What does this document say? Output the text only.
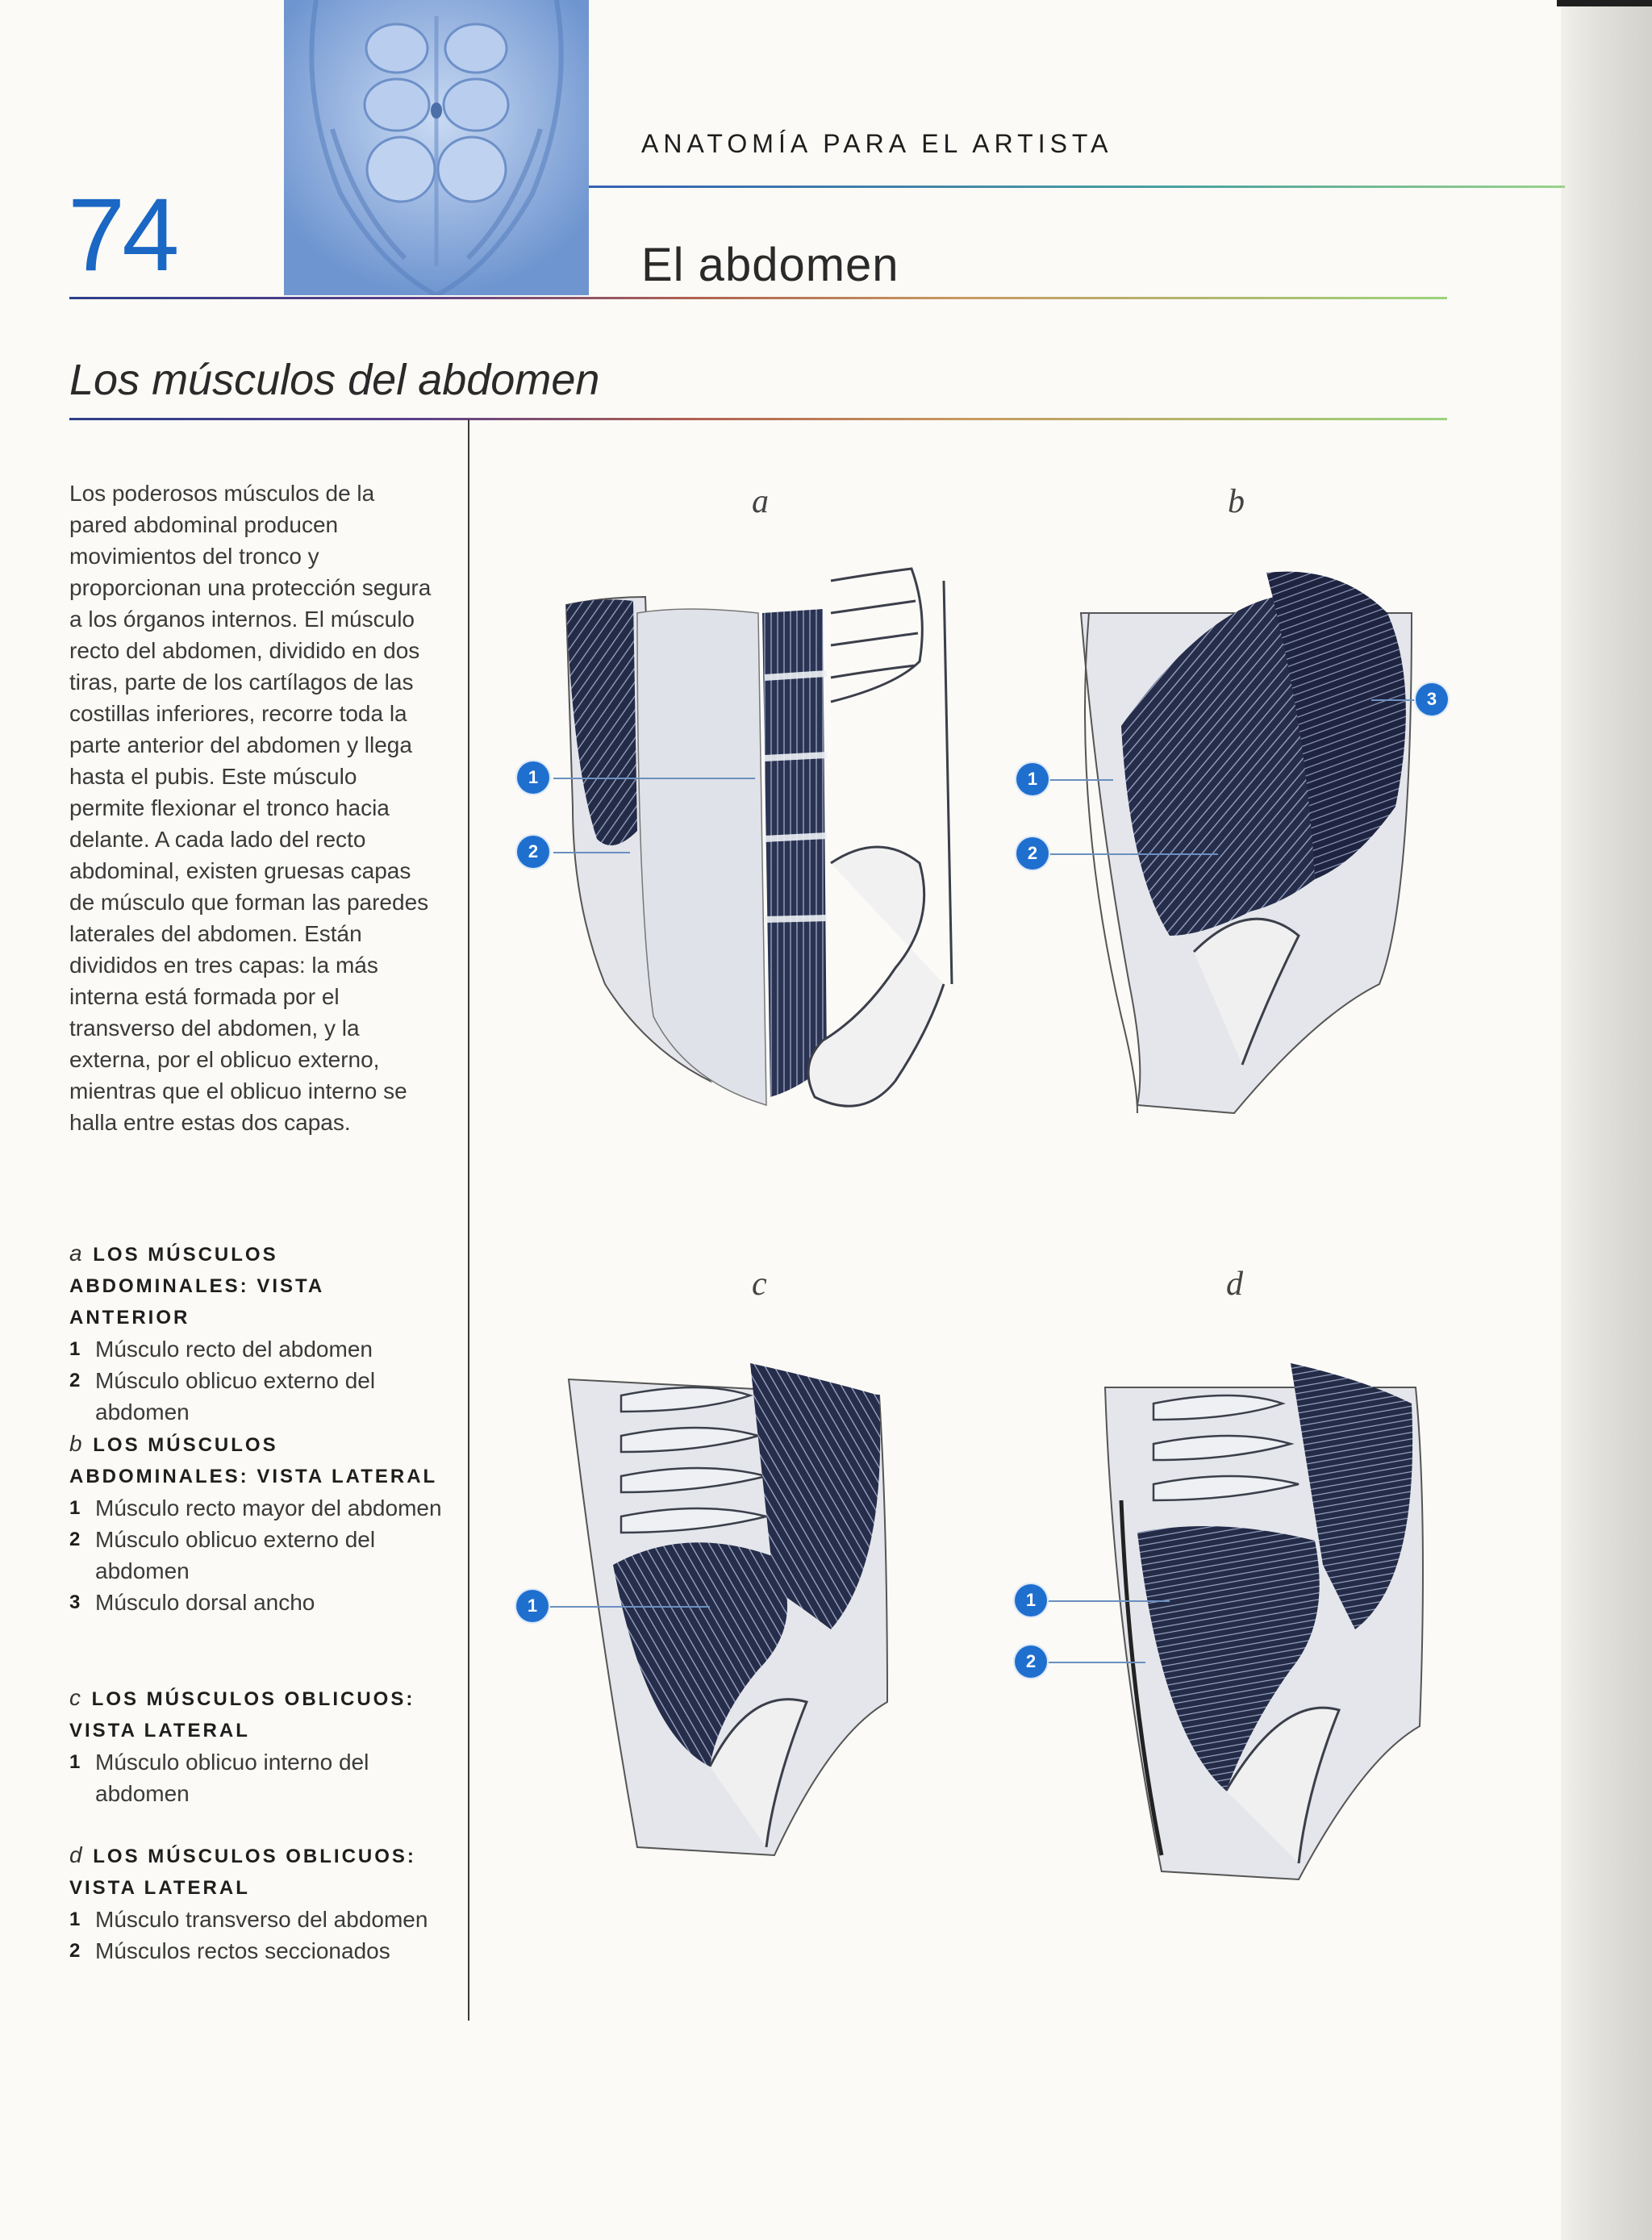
74
ANATOMÍA PARA EL ARTISTA
El abdomen
Los músculos del abdomen
Los poderosos músculos de la pared abdominal producen movimientos del tronco y proporcionan una protección segura a los órganos internos. El músculo recto del abdomen, dividido en dos tiras, parte de los cartílagos de las costillas inferiores, recorre toda la parte anterior del abdomen y llega hasta el pubis. Este músculo permite flexionar el tronco hacia delante. A cada lado del recto abdominal, existen gruesas capas de músculo que forman las paredes laterales del abdomen. Están divididos en tres capas: la más interna está formada por el transverso del abdomen, y la externa, por el oblicuo externo, mientras que el oblicuo interno se halla entre estas dos capas.
a LOS MÚSCULOS ABDOMINALES: VISTA ANTERIOR
1 Músculo recto del abdomen
2 Músculo oblicuo externo del abdomen
b LOS MÚSCULOS ABDOMINALES: VISTA LATERAL
1 Músculo recto mayor del abdomen
2 Músculo oblicuo externo del abdomen
3 Músculo dorsal ancho
c LOS MÚSCULOS OBLICUOS: VISTA LATERAL
1 Músculo oblicuo interno del abdomen
d LOS MÚSCULOS OBLICUOS: VISTA LATERAL
1 Músculo transverso del abdomen
2 Músculos rectos seccionados
a	b
c	d
1
2
1
2
3
1	1
2
